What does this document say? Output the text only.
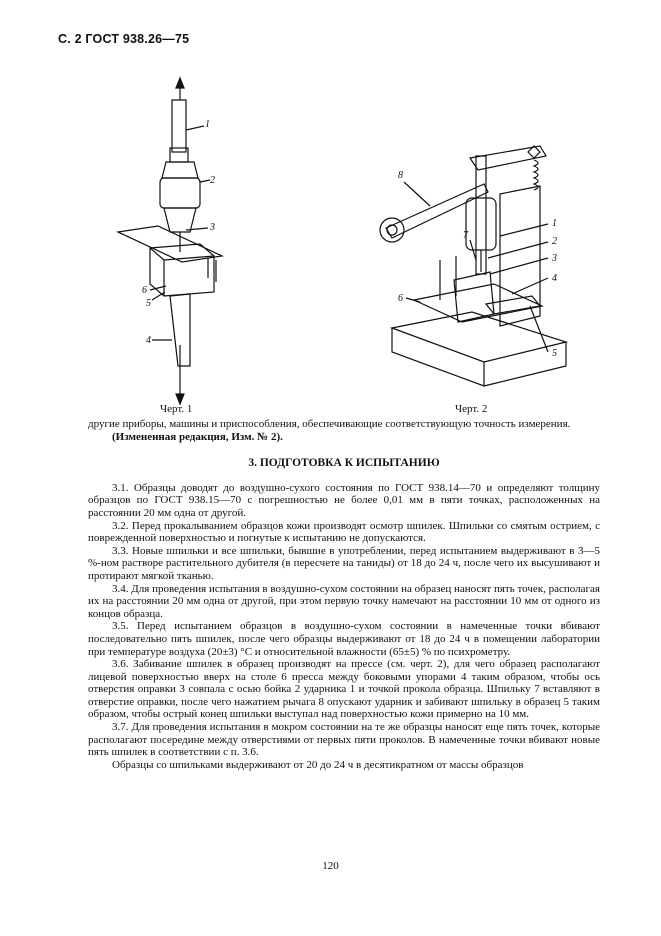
С. 2 ГОСТ 938.26—75
1
2
3
4
5
6
8
1
2
3
4
5
6
7
Черт. 1	Черт. 2

другие приборы, машины и приспособления, обеспечивающие соответствующую точность измерения.

(Измененная редакция, Изм. № 2).

3. ПОДГОТОВКА К ИСПЫТАНИЮ

3.1. Образцы доводят до воздушно-сухого состояния по ГОСТ 938.14—70 и определяют толщину образцов по ГОСТ 938.15—70 с погрешностью не более 0,01 мм в пяти точках, расположенных на расстоянии 20 мм одна от другой.

3.2. Перед прокалыванием образцов кожи производят осмотр шпилек. Шпильки со смятым острием, с поврежденной поверхностью и погнутые к испытанию не допускаются.

3.3. Новые шпильки и все шпильки, бывшие в употреблении, перед испытанием выдерживают в 3—5 %-ном растворе растительного дубителя (в пересчете на таниды) от 18 до 24 ч, после чего их высушивают и протирают мягкой тканью.

3.4. Для проведения испытания в воздушно-сухом состоянии на образец наносят пять точек, располагая их на расстоянии 20 мм одна от другой, при этом первую точку намечают на расстоянии 10 мм от одного из концов образца.

3.5. Перед испытанием образцов в воздушно-сухом состоянии в намеченные точки вбивают последовательно пять шпилек, после чего образцы выдерживают от 18 до 24 ч в помещении лаборатории при температуре воздуха (20±3) °С и относительной влажности (65±5) % по психрометру.

3.6. Забивание шпилек в образец производят на прессе (см. черт. 2), для чего образец располагают лицевой поверхностью вверх на столе 6 пресса между боковыми упорами 4 таким образом, чтобы ось отверстия оправки 3 совпала с осью бойка 2 ударника 1 и точкой прокола образца. Шпильку 7 вставляют в отверстие оправки, после чего нажатием рычага 8 опускают ударник и забивают шпильку в образец 5 таким образом, чтобы острый конец шпильки выступал над поверхностью кожи примерно на 10 мм.

3.7. Для проведения испытания в мокром состоянии на те же образцы наносят еще пять точек, которые располагают посередине между отверстиями от первых пяти проколов. В намеченные точки вбивают новые пять шпилек в соответствии с п. 3.6.

Образцы со шпильками выдерживают от 20 до 24 ч в десятикратном от массы образцов

120
